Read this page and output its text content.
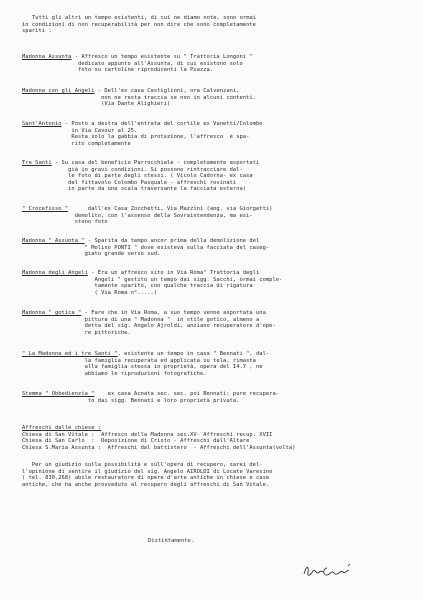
Tutti gli altri un tempo esistenti, di cui ne diamo note, sono ormai
in condizioni di non recuperabilità per non dire che sono completamente
spariti :
Madonna Assunta - Affresco un tempo esistente su " Trattoria Longoni "
dedicato appunto all'Assunta, di cui esistono solo
foto su cartoline riproducenti la Piazza.
Madonna con gli Angeli - Dell'ex casa Castiglioni, ora Calvenzani,
non ne resta traccia se non in alcuni contenti.
(Via Dante Alighieri)
Sant'Antonio - Posto a destra dell'entrata del cortile ex Vanetti/Colombo
in Via Cavour al 25.
Resta solo la gabbia di protezione, l'affresco  è spa-
rito completamente
Tre Santi - Su casa del beneficio Parrocchiale - completamente asportati
già in gravi condizioni. Si possono rintracciare dal-
le foto di parte degli stessi. ( Vicolo Cadorna- ex casa
del fittavolo Colombo Pasquale - affreschi rovinati
in parte da una scala traversante la facciata esterna)
" Crocefisso "      dall'ex Casa Zocchetti, Via Mazzini (ang. via Giorgetti)
demolito, con l'assenso della Sovraintendenza, ma esi-
stono foto
Madonna " Assunta " - Sparita da tempo ancor prima della demolizione del
" Molino PONTI " dove esisteva sulla facciata del caseg-
giato grande verso sud.
Madonna degli Angeli - Era un affresco sito in Via Roma" Trattoria degli
Angeli " gestito un tempo dai sigg. Sacchi, ormai comple-
tamente sparito, con qualche traccia di rigatura
( Via Roma n°.....)
Madonna " gotica " - Fare che in Via Roma, a suo tempo venne asportata una
pittura di una " Madonna "  in stile gotico, almeno a
detta del sig. Angelo Ajroldi, anziano recuperatore d'ope-
re pittoriche.
" La Madonna ed i tre Santi ", esistente un tempo in casa " Bennati ", dal-
la famiglia recuperata ed applicata su tela, rimasta
alla famiglia stessa in proprietà, opera del I4.7 , ne
abbiamo le riproduzioni fotografiche.
Stemma " Obbedienzia "    ex casa Acnata sec. sec. poi Bennati; pure recupera-
to dai sigg. Bennati e loro proprietà privata.
Affreschi dalle chiese :
Chiesa di San Vitale :  Affresco della Madonna sec.XV- Affreschi recup. XVII
Chiesa di San Carlo  :  Deposizione di Cristo - Affreschi dall'Altare
Chiesa S.Maria Assunta :  Affreschi dal battistero  - Affreschi dell'Assunta(volta)
Per un giudizio sulla possibilità e sull'opera di recupero, sarei del-
l'opinione di sentire il giudizio del sig. Angelo AIROLDI di Locate Varesino
( tel. 830.268) abile restauratore di opere d'arte antiche in chiese e case
antiche, che ha anche provveduto al recupero degli affreschi di San Vitale.
Distintamente.
